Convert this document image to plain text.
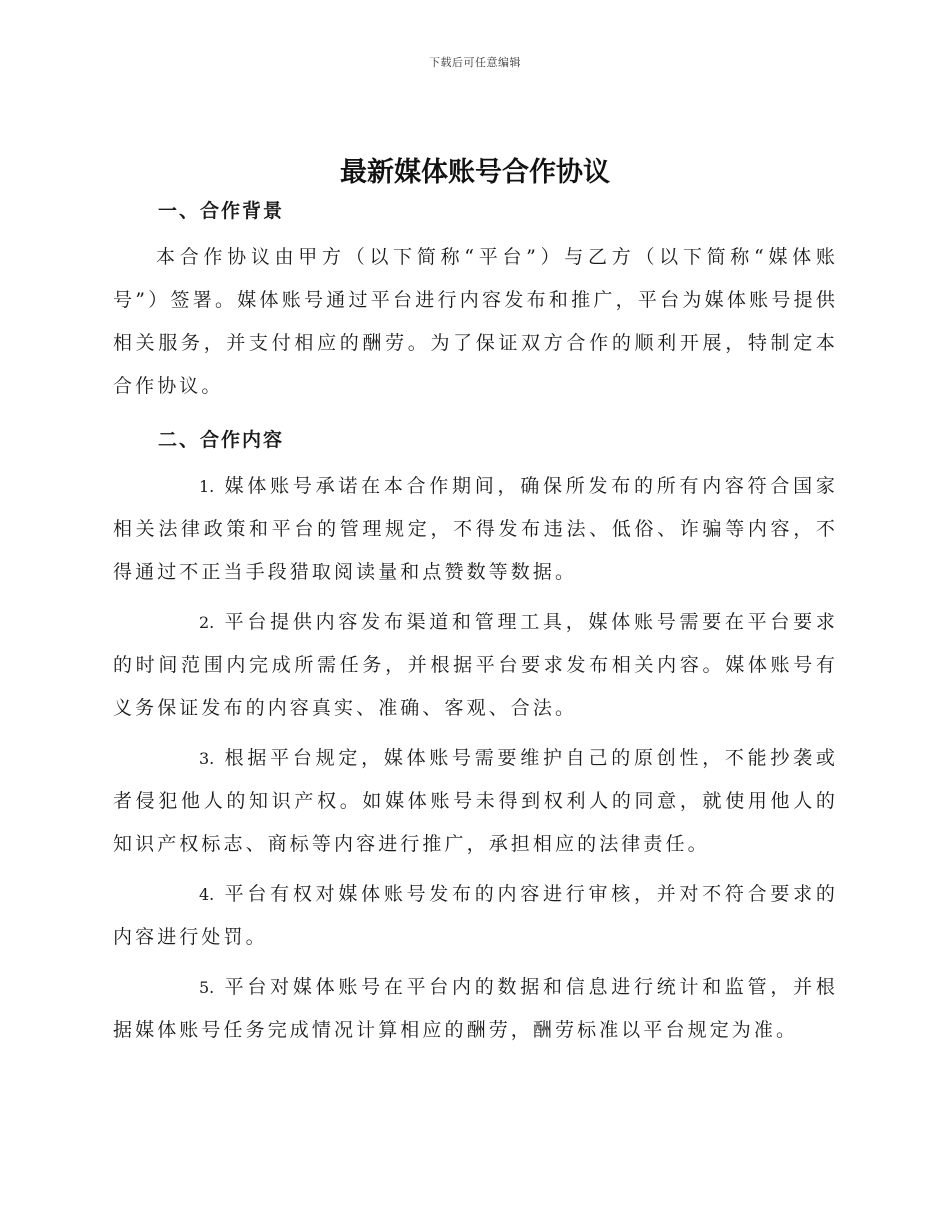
下载后可任意编辑
最新媒体账号合作协议
一、合作背景

本合作协议由甲方（以下简称“平台”）与乙方（以下简称“媒体账号”）签署。媒体账号通过平台进行内容发布和推广，平台为媒体账号提供相关服务，并支付相应的酬劳。为了保证双方合作的顺利开展，特制定本合作协议。

二、合作内容

1. 媒体账号承诺在本合作期间，确保所发布的所有内容符合国家相关法律政策和平台的管理规定，不得发布违法、低俗、诈骗等内容，不得通过不正当手段猎取阅读量和点赞数等数据。

2. 平台提供内容发布渠道和管理工具，媒体账号需要在平台要求的时间范围内完成所需任务，并根据平台要求发布相关内容。媒体账号有义务保证发布的内容真实、准确、客观、合法。

3. 根据平台规定，媒体账号需要维护自己的原创性，不能抄袭或者侵犯他人的知识产权。如媒体账号未得到权利人的同意，就使用他人的知识产权标志、商标等内容进行推广，承担相应的法律责任。

4. 平台有权对媒体账号发布的内容进行审核，并对不符合要求的内容进行处罚。

5. 平台对媒体账号在平台内的数据和信息进行统计和监管，并根据媒体账号任务完成情况计算相应的酬劳，酬劳标准以平台规定为准。
